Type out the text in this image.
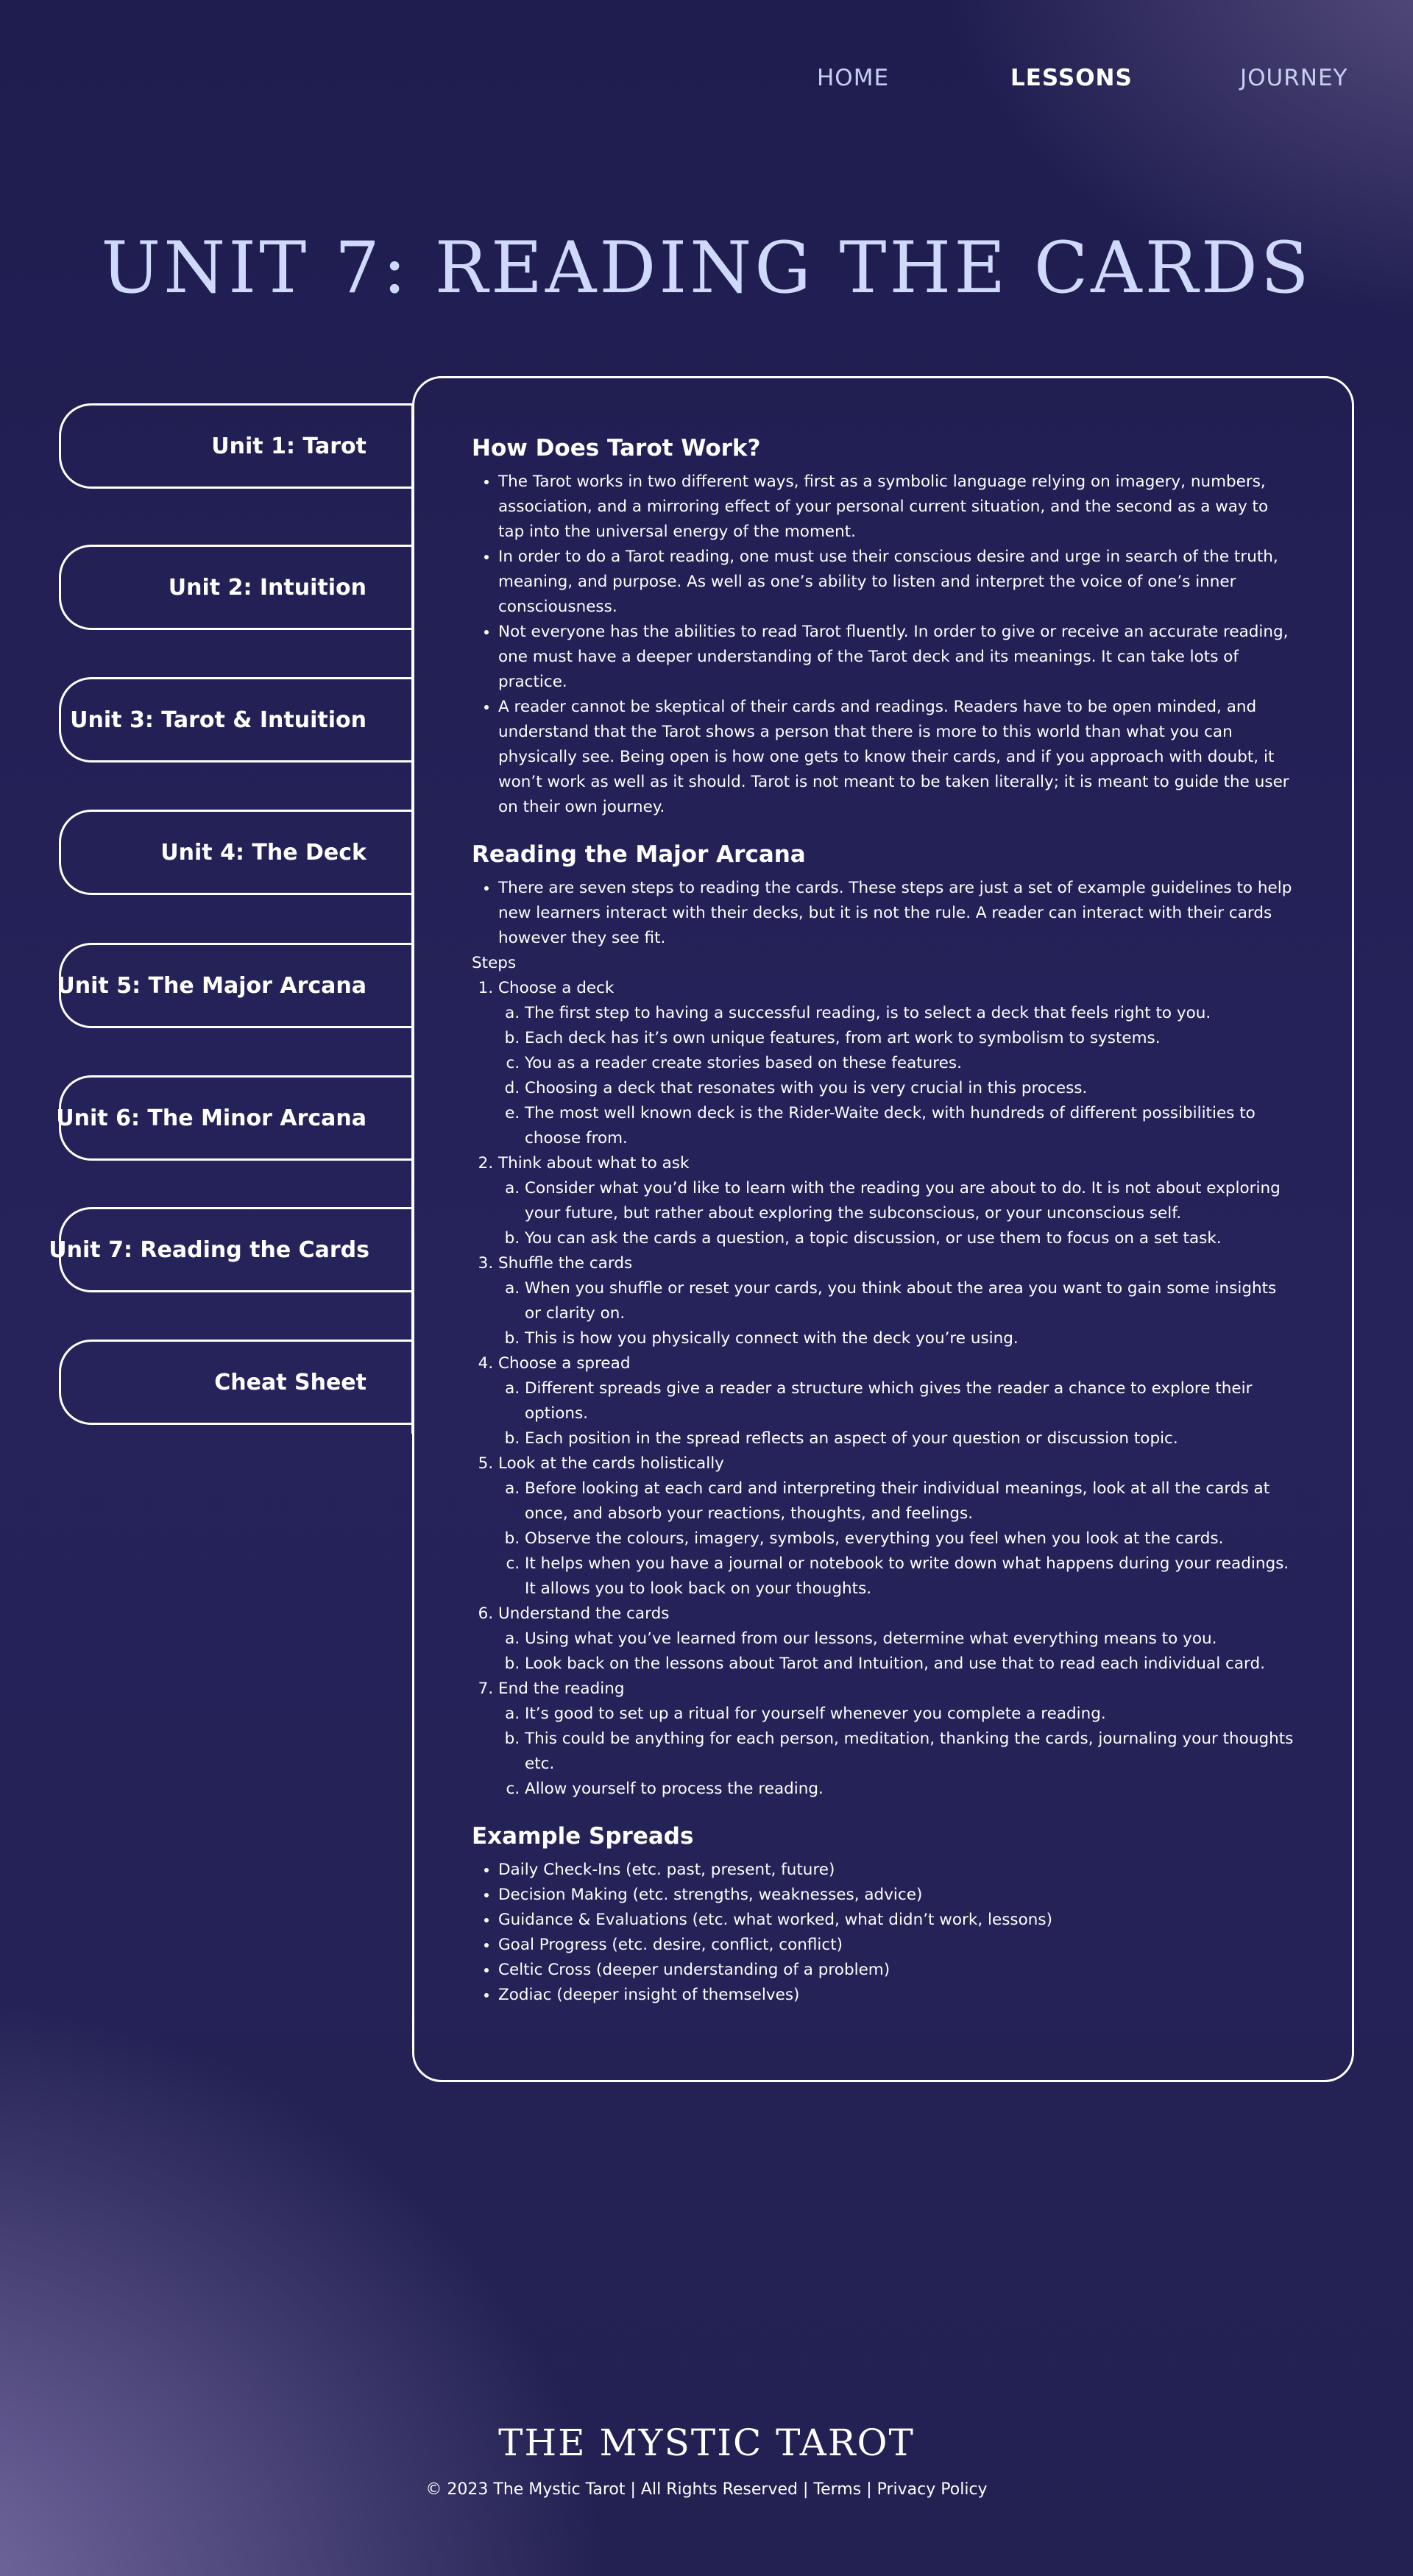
HOME	LESSONS	JOURNEY
UNIT 7: READING THE CARDS
Unit 1: Tarot
Unit 2: Intuition
Unit 3: Tarot & Intuition
Unit 4: The Deck
Unit 5: The Major Arcana
Unit 6: The Minor Arcana
Unit 7: Reading the Cards
Cheat Sheet
How Does Tarot Work?
• The Tarot works in two different ways, first as a symbolic language relying on imagery, numbers, association, and a mirroring effect of your personal current situation, and the second as a way to tap into the universal energy of the moment.
• In order to do a Tarot reading, one must use their conscious desire and urge in search of the truth, meaning, and purpose. As well as one’s ability to listen and interpret the voice of one’s inner consciousness.
• Not everyone has the abilities to read Tarot fluently. In order to give or receive an accurate reading, one must have a deeper understanding of the Tarot deck and its meanings. It can take lots of practice.
• A reader cannot be skeptical of their cards and readings. Readers have to be open minded, and understand that the Tarot shows a person that there is more to this world than what you can physically see. Being open is how one gets to know their cards, and if you approach with doubt, it won’t work as well as it should. Tarot is not meant to be taken literally; it is meant to guide the user on their own journey.
Reading the Major Arcana
• There are seven steps to reading the cards. These steps are just a set of example guidelines to help new learners interact with their decks, but it is not the rule. A reader can interact with their cards however they see fit.
Steps
1. Choose a deck
a. The first step to having a successful reading, is to select a deck that feels right to you.
b. Each deck has it’s own unique features, from art work to symbolism to systems.
c. You as a reader create stories based on these features.
d. Choosing a deck that resonates with you is very crucial in this process.
e. The most well known deck is the Rider-Waite deck, with hundreds of different possibilities to choose from.
2. Think about what to ask
a. Consider what you’d like to learn with the reading you are about to do. It is not about exploring your future, but rather about exploring the subconscious, or your unconscious self.
b. You can ask the cards a question, a topic discussion, or use them to focus on a set task.
3. Shuffle the cards
a. When you shuffle or reset your cards, you think about the area you want to gain some insights or clarity on.
b. This is how you physically connect with the deck you’re using.
4. Choose a spread
a. Different spreads give a reader a structure which gives the reader a chance to explore their options.
b. Each position in the spread reflects an aspect of your question or discussion topic.
5. Look at the cards holistically
a. Before looking at each card and interpreting their individual meanings, look at all the cards at once, and absorb your reactions, thoughts, and feelings.
b. Observe the colours, imagery, symbols, everything you feel when you look at the cards.
c. It helps when you have a journal or notebook to write down what happens during your readings. It allows you to look back on your thoughts.
6. Understand the cards
a. Using what you’ve learned from our lessons, determine what everything means to you.
b. Look back on the lessons about Tarot and Intuition, and use that to read each individual card.
7. End the reading
a. It’s good to set up a ritual for yourself whenever you complete a reading.
b. This could be anything for each person, meditation, thanking the cards, journaling your thoughts etc.
c. Allow yourself to process the reading.
Example Spreads
• Daily Check-Ins (etc. past, present, future)
• Decision Making (etc. strengths, weaknesses, advice)
• Guidance & Evaluations (etc. what worked, what didn’t work, lessons)
• Goal Progress (etc. desire, conflict, conflict)
• Celtic Cross (deeper understanding of a problem)
• Zodiac (deeper insight of themselves)
THE MYSTIC TAROT
© 2023 The Mystic Tarot | All Rights Reserved | Terms | Privacy Policy
